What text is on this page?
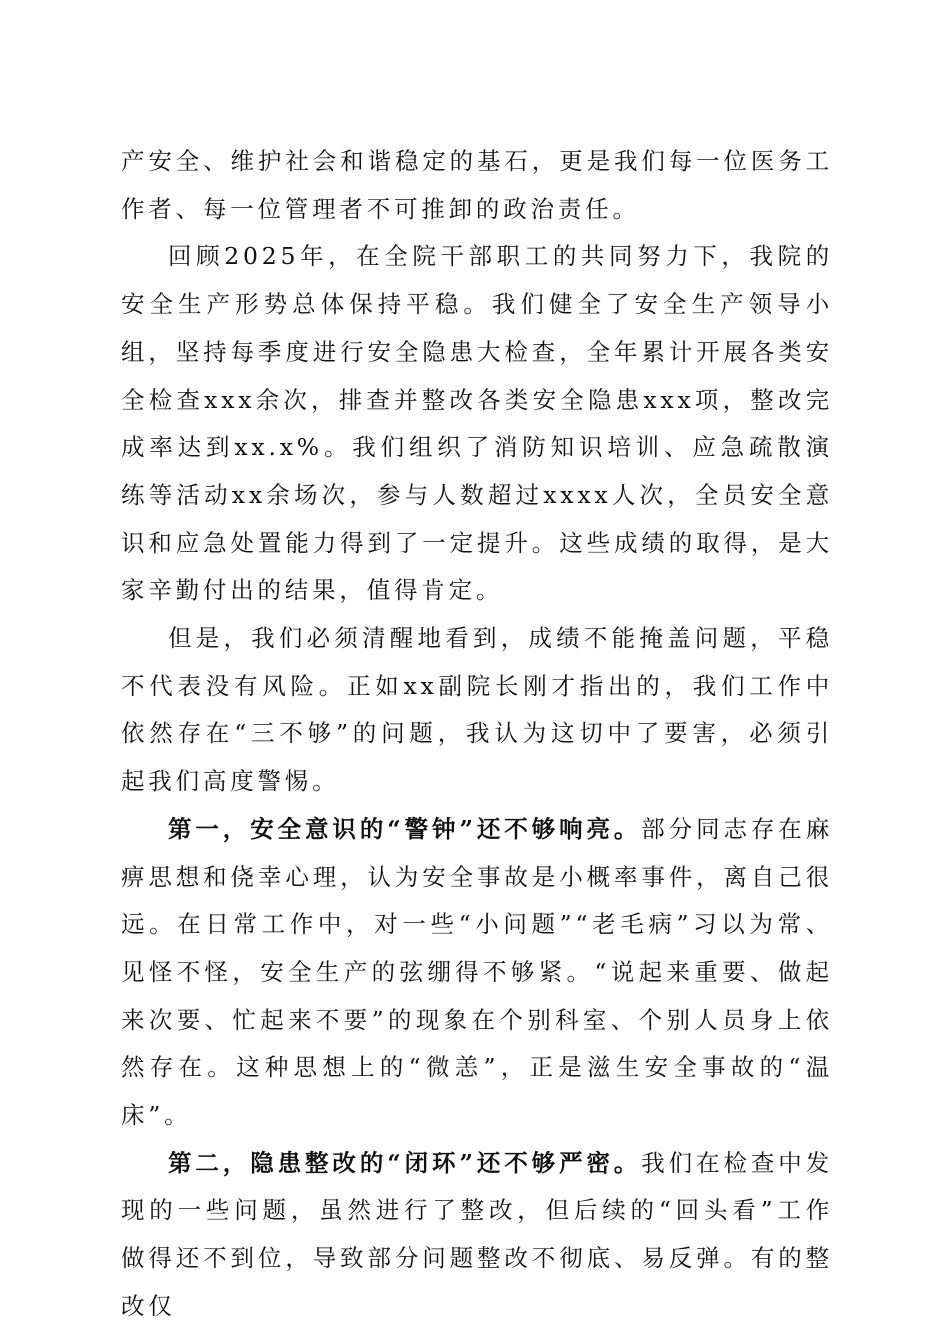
产安全、维护社会和谐稳定的基石，更是我们每一位医务工作者、每一位管理者不可推卸的政治责任。

回顾2025年，在全院干部职工的共同努力下，我院的安全生产形势总体保持平稳。我们健全了安全生产领导小组，坚持每季度进行安全隐患大检查，全年累计开展各类安全检查xxx余次，排查并整改各类安全隐患xxx项，整改完成率达到xx.x%。我们组织了消防知识培训、应急疏散演练等活动xx余场次，参与人数超过xxxx人次，全员安全意识和应急处置能力得到了一定提升。这些成绩的取得，是大家辛勤付出的结果，值得肯定。

但是，我们必须清醒地看到，成绩不能掩盖问题，平稳不代表没有风险。正如xx副院长刚才指出的，我们工作中依然存在“三不够”的问题，我认为这切中了要害，必须引起我们高度警惕。

第一，安全意识的“警钟”还不够响亮。部分同志存在麻痹思想和侥幸心理，认为安全事故是小概率事件，离自己很远。在日常工作中，对一些“小问题”“老毛病”习以为常、见怪不怪，安全生产的弦绷得不够紧。“说起来重要、做起来次要、忙起来不要”的现象在个别科室、个别人员身上依然存在。这种思想上的“微恙”，正是滋生安全事故的“温床”。

第二，隐患整改的“闭环”还不够严密。我们在检查中发现的一些问题，虽然进行了整改，但后续的“回头看”工作做得还不到位，导致部分问题整改不彻底、易反弹。有的整改仅
